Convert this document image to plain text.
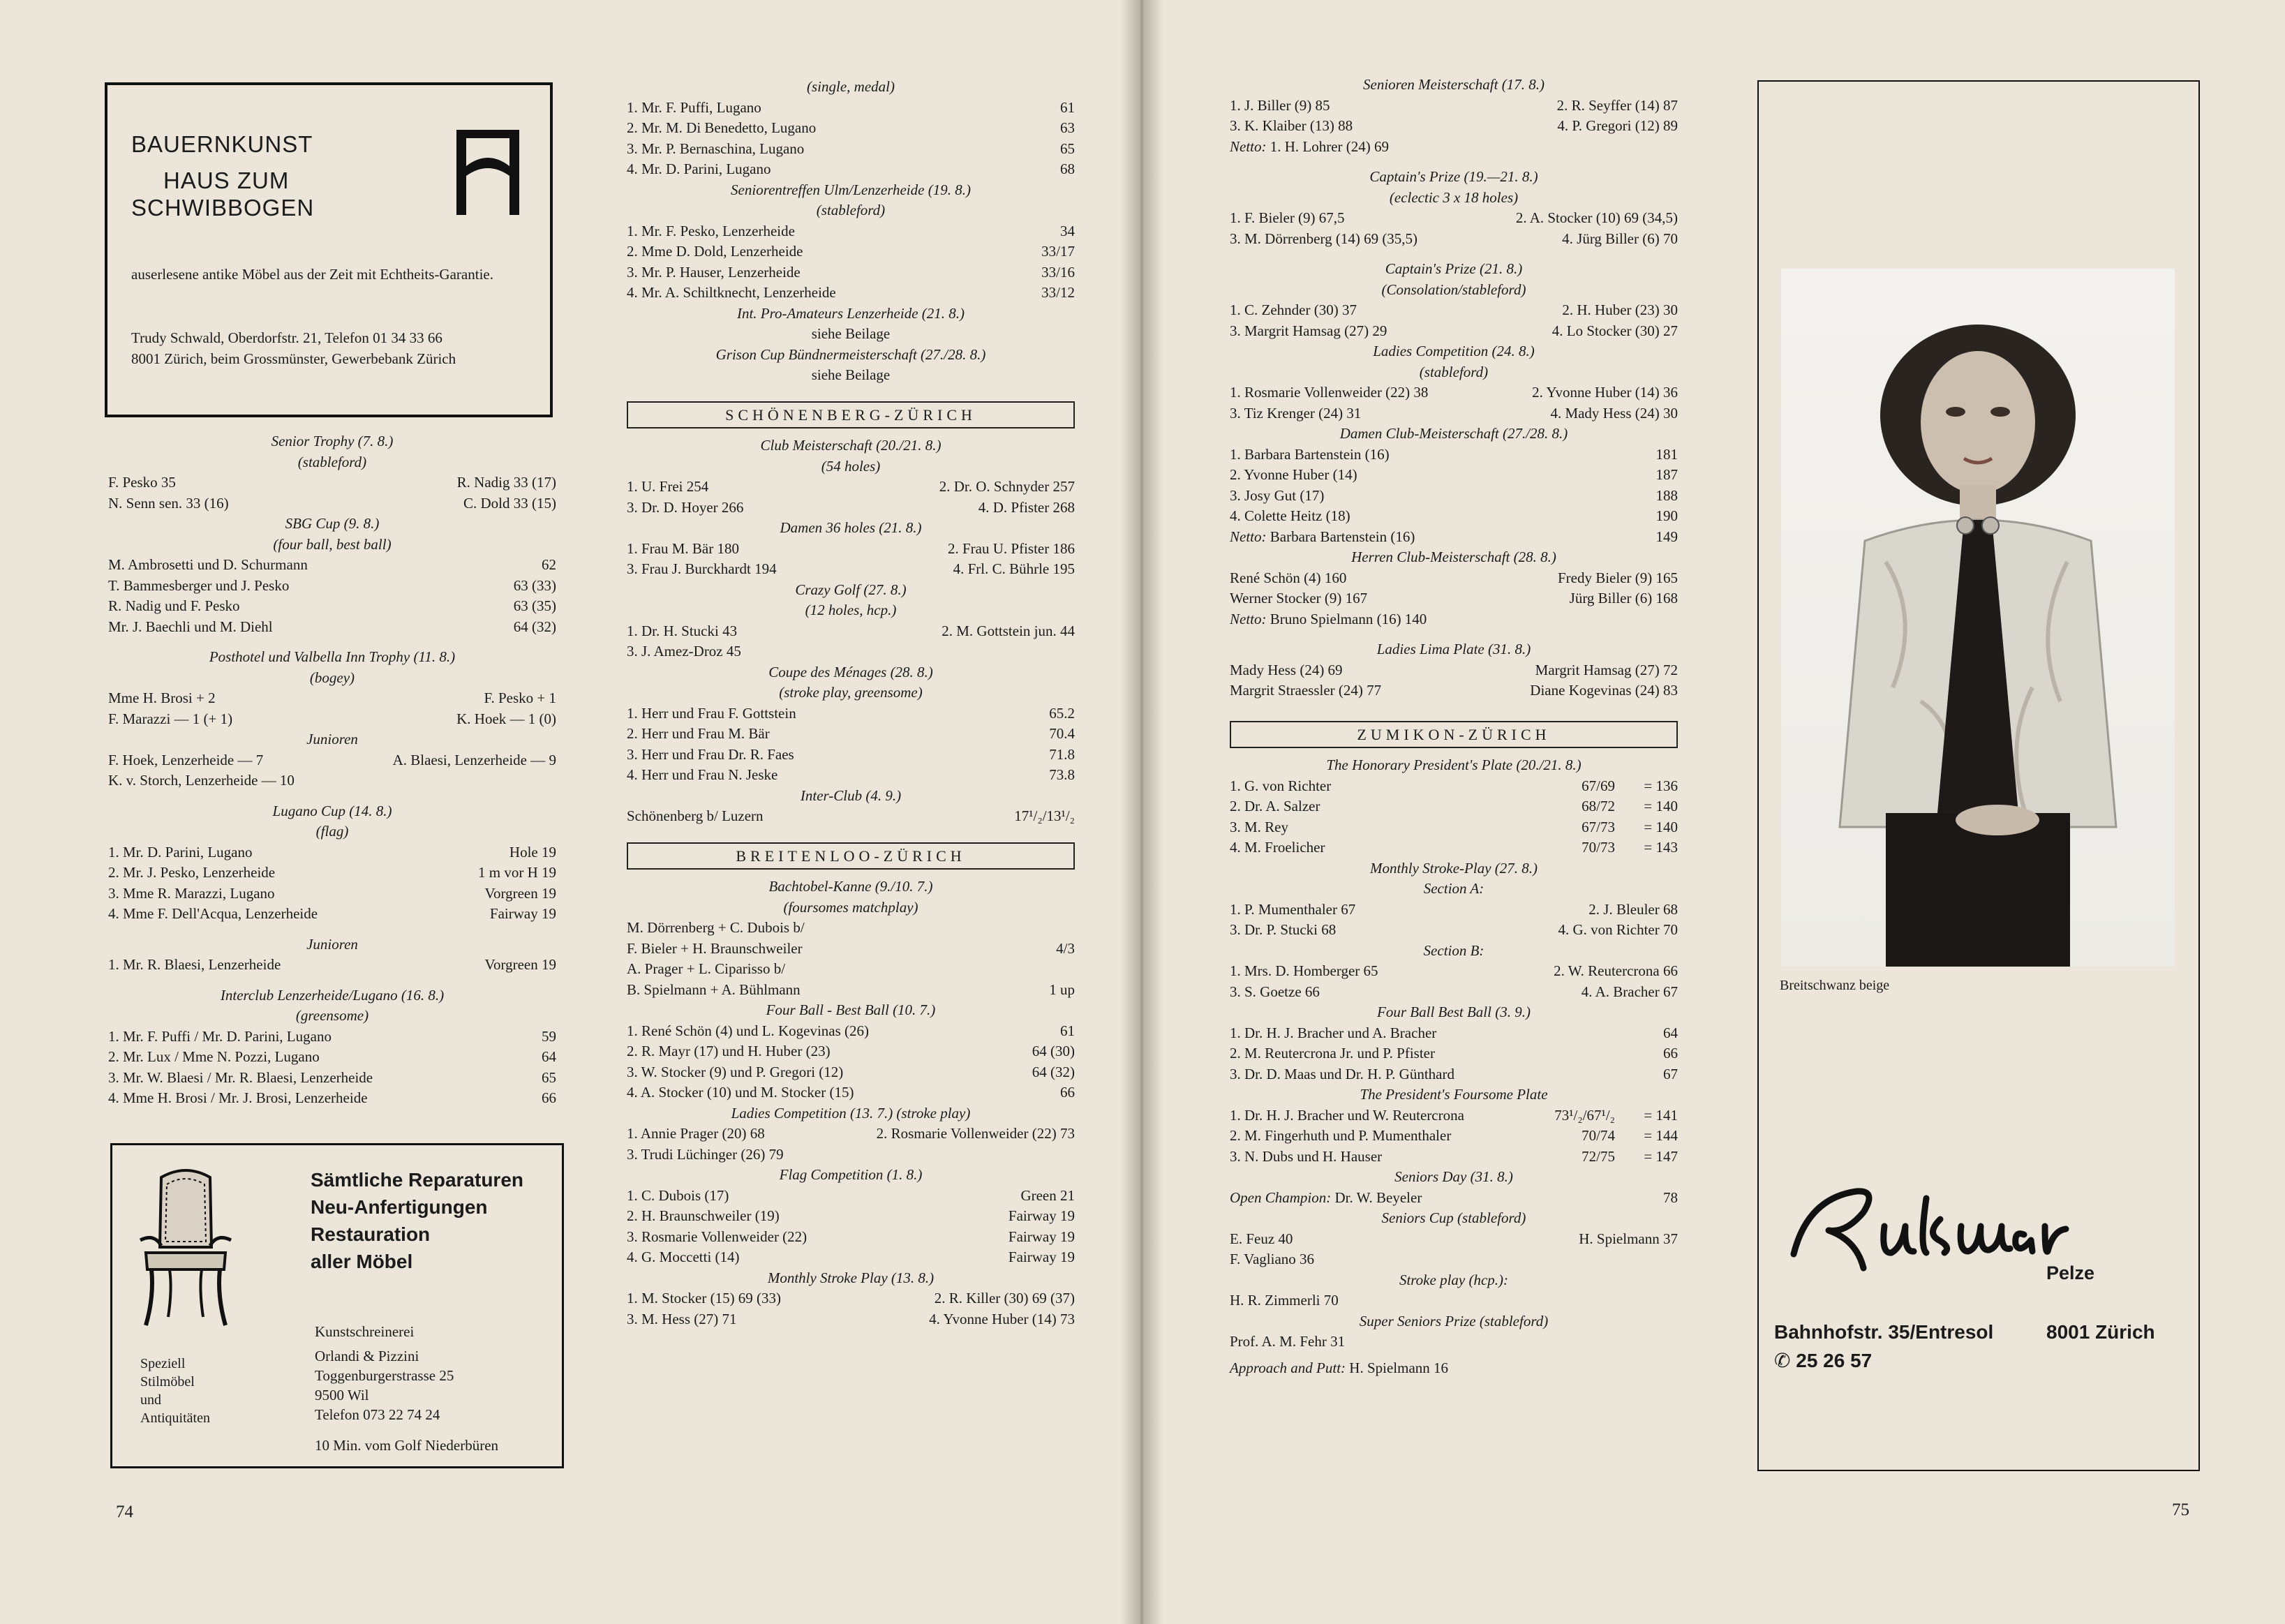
BAUERNKUNST
HAUS ZUM
SCHWIBBOGEN
auserlesene antike Möbel aus der Zeit mit Echtheits-Garantie.
Trudy Schwald, Oberdorfstr. 21, Telefon 01 34 33 66
8001 Zürich, beim Grossmünster, Gewerbebank Zürich
Senior Trophy (7. 8.)
(stableford)
F. Pesko 35	R. Nadig 33 (17)
N. Senn sen. 33 (16)	C. Dold 33 (15)
SBG Cup (9. 8.)
(four ball, best ball)
M. Ambrosetti und D. Schurmann	62
T. Bammesberger und J. Pesko	63 (33)
R. Nadig und F. Pesko	63 (35)
Mr. J. Baechli und M. Diehl	64 (32)
Posthotel und Valbella Inn Trophy (11. 8.)
(bogey)
Mme H. Brosi + 2	F. Pesko + 1
F. Marazzi — 1 (+ 1)	K. Hoek — 1 (0)
Junioren
F. Hoek, Lenzerheide — 7	A. Blaesi, Lenzerheide — 9
K. v. Storch, Lenzerheide — 10
Lugano Cup (14. 8.)
(flag)
1. Mr. D. Parini, Lugano	Hole 19
2. Mr. J. Pesko, Lenzerheide	1 m vor H 19
3. Mme R. Marazzi, Lugano	Vorgreen 19
4. Mme F. Dell'Acqua, Lenzerheide	Fairway 19
Junioren
1. Mr. R. Blaesi, Lenzerheide	Vorgreen 19
Interclub Lenzerheide/Lugano (16. 8.)
(greensome)
1. Mr. F. Puffi / Mr. D. Parini, Lugano	59
2. Mr. Lux / Mme N. Pozzi, Lugano	64
3. Mr. W. Blaesi / Mr. R. Blaesi, Lenzerheide	65
4. Mme H. Brosi / Mr. J. Brosi, Lenzerheide	66
Sämtliche Reparaturen
Neu-Anfertigungen
Restauration
aller Möbel
Kunstschreinerei
Speziell
Stilmöbel
und
Antiquitäten
Orlandi & Pizzini
Toggenburgerstrasse 25
9500 Wil
Telefon 073 22 74 24
10 Min. vom Golf Niederbüren
74
(single, medal)
1. Mr. F. Puffi, Lugano	61
2. Mr. M. Di Benedetto, Lugano	63
3. Mr. P. Bernaschina, Lugano	65
4. Mr. D. Parini, Lugano	68
Seniorentreffen Ulm/Lenzerheide (19. 8.)
(stableford)
1. Mr. F. Pesko, Lenzerheide	34
2. Mme D. Dold, Lenzerheide	33/17
3. Mr. P. Hauser, Lenzerheide	33/16
4. Mr. A. Schiltknecht, Lenzerheide	33/12
Int. Pro-Amateurs Lenzerheide (21. 8.)
siehe Beilage
Grison Cup Bündnermeisterschaft (27./28. 8.)
siehe Beilage
SCHÖNENBERG-ZÜRICH
Club Meisterschaft (20./21. 8.)
(54 holes)
1. U. Frei 254	2. Dr. O. Schnyder 257
3. Dr. D. Hoyer 266	4. D. Pfister 268
Damen 36 holes (21. 8.)
1. Frau M. Bär 180	2. Frau U. Pfister 186
3. Frau J. Burckhardt 194	4. Frl. C. Bührle 195
Crazy Golf (27. 8.)
(12 holes, hcp.)
1. Dr. H. Stucki 43	2. M. Gottstein jun. 44
3. J. Amez-Droz 45
Coupe des Ménages (28. 8.)
(stroke play, greensome)
1. Herr und Frau F. Gottstein	65.2
2. Herr und Frau M. Bär	70.4
3. Herr und Frau Dr. R. Faes	71.8
4. Herr und Frau N. Jeske	73.8
Inter-Club (4. 9.)
Schönenberg b/ Luzern	17¹/₂/13¹/₂
BREITENLOO-ZÜRICH
Bachtobel-Kanne (9./10. 7.)
(foursomes matchplay)
M. Dörrenberg + C. Dubois b/
F. Bieler + H. Braunschweiler	4/3
A. Prager + L. Ciparisso b/
B. Spielmann + A. Bühlmann	1 up
Four Ball - Best Ball (10. 7.)
1. René Schön (4) und L. Kogevinas (26)	61
2. R. Mayr (17) und H. Huber (23)	64 (30)
3. W. Stocker (9) und P. Gregori (12)	64 (32)
4. A. Stocker (10) und M. Stocker (15)	66
Ladies Competition (13. 7.) (stroke play)
1. Annie Prager (20) 68	2. Rosmarie Vollenweider (22) 73
3. Trudi Lüchinger (26) 79
Flag Competition (1. 8.)
1. C. Dubois (17)	Green 21
2. H. Braunschweiler (19)	Fairway 19
3. Rosmarie Vollenweider (22)	Fairway 19
4. G. Moccetti (14)	Fairway 19
Monthly Stroke Play (13. 8.)
1. M. Stocker (15) 69 (33)	2. R. Killer (30) 69 (37)
3. M. Hess (27) 71	4. Yvonne Huber (14) 73
Senioren Meisterschaft (17. 8.)
1. J. Biller (9) 85	2. R. Seyffer (14) 87
3. K. Klaiber (13) 88	4. P. Gregori (12) 89
Netto: 1. H. Lohrer (24) 69
Captain's Prize (19.—21. 8.)
(eclectic 3 x 18 holes)
1. F. Bieler (9) 67,5	2. A. Stocker (10) 69 (34,5)
3. M. Dörrenberg (14) 69 (35,5)	4. Jürg Biller (6) 70
Captain's Prize (21. 8.)
(Consolation/stableford)
1. C. Zehnder (30) 37	2. H. Huber (23) 30
3. Margrit Hamsag (27) 29	4. Lo Stocker (30) 27
Ladies Competition (24. 8.)
(stableford)
1. Rosmarie Vollenweider (22) 38	2. Yvonne Huber (14) 36
3. Tiz Krenger (24) 31	4. Mady Hess (24) 30
Damen Club-Meisterschaft (27./28. 8.)
1. Barbara Bartenstein (16)	181
2. Yvonne Huber (14)	187
3. Josy Gut (17)	188
4. Colette Heitz (18)	190
Netto: Barbara Bartenstein (16)	149
Herren Club-Meisterschaft (28. 8.)
René Schön (4) 160	Fredy Bieler (9) 165
Werner Stocker (9) 167	Jürg Biller (6) 168
Netto: Bruno Spielmann (16) 140
Ladies Lima Plate (31. 8.)
Mady Hess (24) 69	Margrit Hamsag (27) 72
Margrit Straessler (24) 77	Diane Kogevinas (24) 83
ZUMIKON-ZÜRICH
The Honorary President's Plate (20./21. 8.)
1. G. von Richter	67/69	= 136
2. Dr. A. Salzer	68/72	= 140
3. M. Rey	67/73	= 140
4. M. Froelicher	70/73	= 143
Monthly Stroke-Play (27. 8.)
Section A:
1. P. Mumenthaler 67	2. J. Bleuler 68
3. Dr. P. Stucki 68	4. G. von Richter 70
Section B:
1. Mrs. D. Homberger 65	2. W. Reutercrona 66
3. S. Goetze 66	4. A. Bracher 67
Four Ball Best Ball (3. 9.)
1. Dr. H. J. Bracher und A. Bracher	64
2. M. Reutercrona Jr. und P. Pfister	66
3. Dr. D. Maas und Dr. H. P. Günthard	67
The President's Foursome Plate
1. Dr. H. J. Bracher und W. Reutercrona	73¹/₂/67¹/₂	= 141
2. M. Fingerhuth und P. Mumenthaler	70/74	= 144
3. N. Dubs und H. Hauser	72/75	= 147
Seniors Day (31. 8.)
Open Champion: Dr. W. Beyeler	78
Seniors Cup (stableford)
E. Feuz 40	H. Spielmann 37
F. Vagliano 36
Stroke play (hcp.):
H. R. Zimmerli 70
Super Seniors Prize (stableford)
Prof. A. M. Fehr 31
Approach and Putt: H. Spielmann 16
Breitschwanz beige
Rückmar	Pelze
Bahnhofstr. 35/Entresol	8001 Zürich
✆ 25 26 57
75
